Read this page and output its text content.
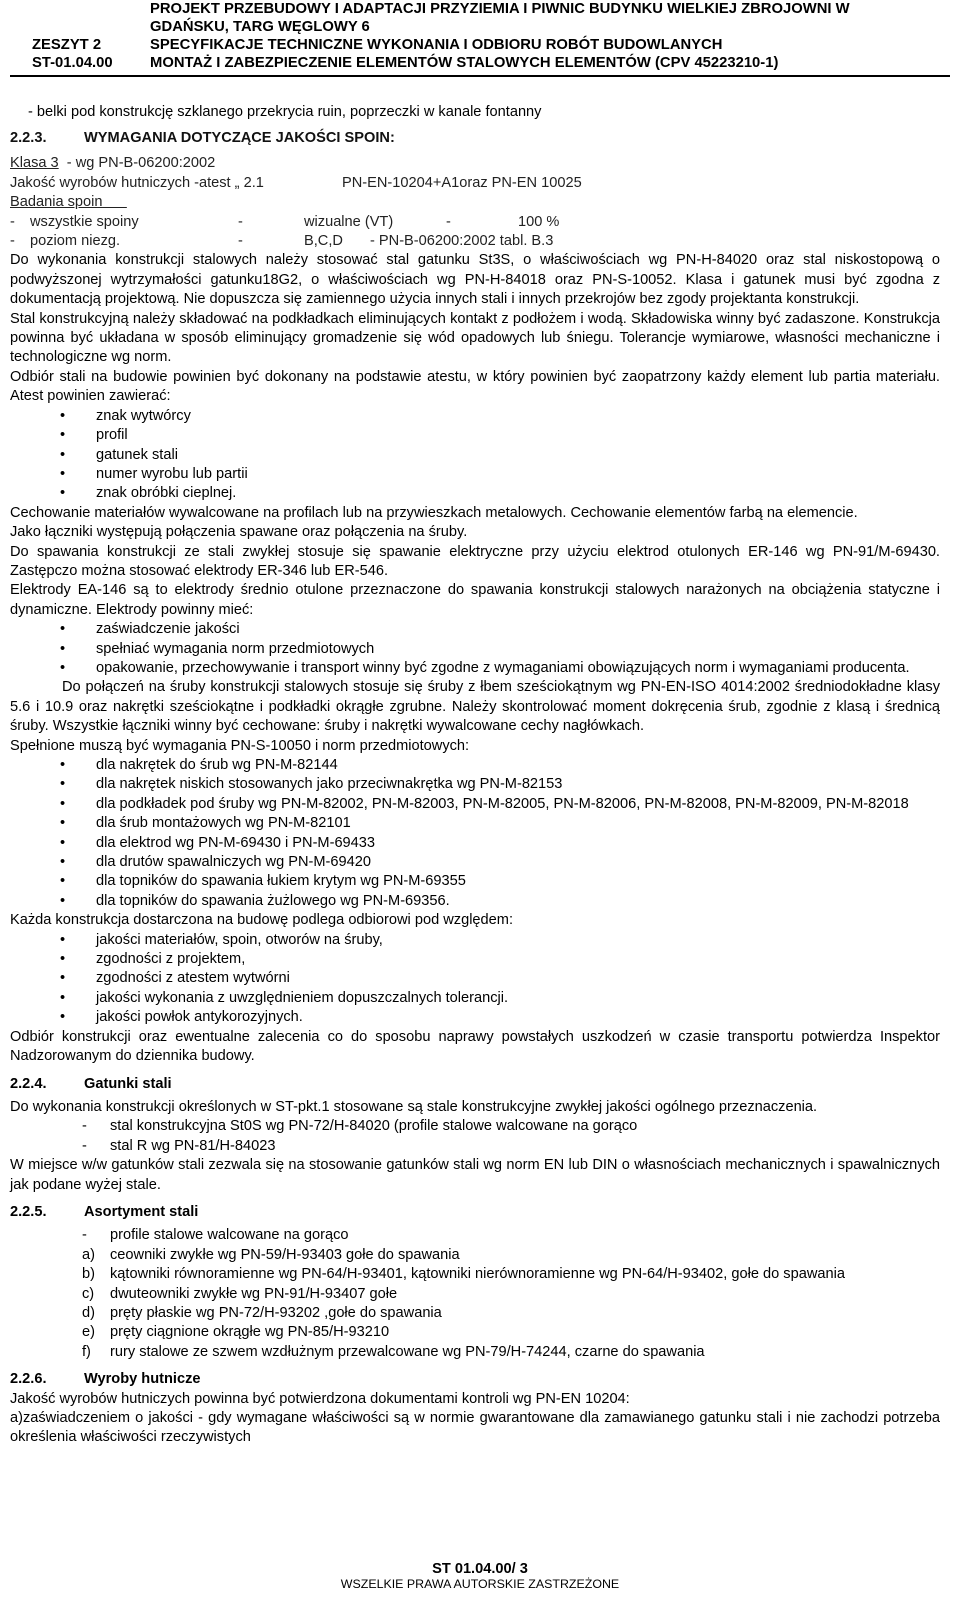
PROJEKT PRZEBUDOWY I ADAPTACJI PRZYZIEMIA I PIWNIC BUDYNKU WIELKIEJ ZBROJOWNI W
GDAŃSKU, TARG WĘGLOWY 6
ZESZYT 2	SPECYFIKACJE TECHNICZNE WYKONANIA I ODBIORU ROBÓT BUDOWLANYCH
ST-01.04.00	MONTAŻ I ZABEZPIECZENIE ELEMENTÓW STALOWYCH ELEMENTÓW (CPV 45223210-1)

- belki pod konstrukcję szklanego przekrycia ruin, poprzeczki w kanale fontanny

2.2.3.	WYMAGANIA DOTYCZĄCE JAKOŚCI SPOIN:

Klasa 3  - wg PN-B-06200:2002

Jakość wyrobów hutniczych -atest „ 2.1	PN-EN-10204+A1oraz PN-EN 10025

Badania spoin

-	wszystkie spoiny	-	wizualne (VT)	-	100 %

-	poziom niezg.	-	B,C,D	- PN-B-06200:2002 tabl. B.3

Do wykonania konstrukcji stalowych należy stosować stal gatunku St3S, o właściwościach wg PN-H-84020 oraz stal niskostopową o podwyższonej wytrzymałości gatunku18G2, o właściwościach wg PN-H-84018 oraz PN-S-10052. Klasa i gatunek musi być zgodna z dokumentacją projektową. Nie dopuszcza się zamiennego użycia innych stali i innych przekrojów bez zgody projektanta konstrukcji.

Stal konstrukcyjną należy składować na podkładkach eliminujących kontakt z podłożem i wodą. Składowiska winny być zadaszone. Konstrukcja powinna być układana w sposób eliminujący gromadzenie się wód opadowych lub śniegu. Tolerancje wymiarowe, własności mechaniczne i technologiczne wg norm.

Odbiór stali na budowie powinien być dokonany na podstawie atestu, w który powinien być zaopatrzony każdy element lub partia materiału. Atest powinien zawierać:

• znak wytwórcy

• profil

• gatunek stali

• numer wyrobu lub partii

• znak obróbki cieplnej.

Cechowanie materiałów wywalcowane na profilach lub na przywieszkach metalowych. Cechowanie elementów farbą na elemencie.

Jako łączniki występują połączenia spawane oraz połączenia na śruby.

Do spawania konstrukcji ze stali zwykłej stosuje się spawanie elektryczne przy użyciu elektrod otulonych ER-146 wg PN-91/M-69430. Zastępczo można stosować elektrody ER-346 lub ER-546.

Elektrody EA-146 są to elektrody średnio otulone przeznaczone do spawania konstrukcji stalowych narażonych na obciążenia statyczne i dynamiczne. Elektrody powinny mieć:

• zaświadczenie jakości

• spełniać wymagania norm przedmiotowych

• opakowanie, przechowywanie i transport winny być zgodne z wymaganiami obowiązujących norm i wymaganiami producenta.

Do połączeń na śruby konstrukcji stalowych stosuje się śruby z łbem sześciokątnym wg PN-EN-ISO 4014:2002 średniodokładne klasy 5.6 i 10.9 oraz nakrętki sześciokątne i podkładki okrągłe zgrubne. Należy skontrolować moment dokręcenia śrub, zgodnie z klasą i średnicą śruby. Wszystkie łączniki winny być cechowane: śruby i nakrętki wywalcowane cechy nagłówkach.

Spełnione muszą być wymagania PN-S-10050 i norm przedmiotowych:

• dla nakrętek do śrub wg PN-M-82144

• dla nakrętek niskich stosowanych jako przeciwnakrętka wg PN-M-82153

• dla podkładek pod śruby wg PN-M-82002, PN-M-82003, PN-M-82005, PN-M-82006, PN-M-82008, PN-M-82009, PN-M-82018

• dla śrub montażowych wg PN-M-82101

• dla elektrod wg PN-M-69430 i PN-M-69433

• dla drutów spawalniczych wg PN-M-69420

• dla topników do spawania łukiem krytym wg PN-M-69355

• dla topników do spawania żużlowego wg PN-M-69356.

Każda konstrukcja dostarczona na budowę podlega odbiorowi pod względem:

• jakości materiałów, spoin, otworów na śruby,

• zgodności z projektem,

• zgodności z atestem wytwórni

• jakości wykonania z uwzględnieniem dopuszczalnych tolerancji.

• jakości powłok antykorozyjnych.

Odbiór konstrukcji oraz ewentualne zalecenia co do sposobu naprawy powstałych uszkodzeń w czasie transportu potwierdza Inspektor Nadzorowanym do dziennika budowy.

2.2.4.	Gatunki stali

Do wykonania konstrukcji określonych w ST-pkt.1 stosowane są stale konstrukcyjne zwykłej jakości ogólnego przeznaczenia.

- stal konstrukcyjna St0S wg PN-72/H-84020 (profile stalowe walcowane na gorąco

- stal R wg PN-81/H-84023

W miejsce w/w gatunków stali zezwala się na stosowanie gatunków stali wg norm EN lub DIN o własnościach mechanicznych i spawalnicznych jak podane wyżej stale.

2.2.5.	Asortyment stali

- profile stalowe walcowane na gorąco

a) ceowniki zwykłe wg PN-59/H-93403 gołe do spawania

b) kątowniki równoramienne wg PN-64/H-93401, kątowniki nierównoramienne wg PN-64/H-93402, gołe do spawania

c) dwuteowniki zwykłe wg PN-91/H-93407 gołe

d) pręty płaskie wg PN-72/H-93202 ,gołe do spawania

e) pręty ciągnione okrągłe wg PN-85/H-93210

f) rury stalowe ze szwem wzdłużnym przewalcowane wg PN-79/H-74244, czarne do spawania

2.2.6.	Wyroby hutnicze

Jakość wyrobów hutniczych powinna być potwierdzona dokumentami kontroli wg PN-EN 10204:

a)zaświadczeniem o jakości - gdy wymagane właściwości są w normie gwarantowane dla zamawianego gatunku stali i nie zachodzi potrzeba określenia właściwości rzeczywistych

ST 01.04.00/ 3
WSZELKIE PRAWA AUTORSKIE ZASTRZEŻONE
